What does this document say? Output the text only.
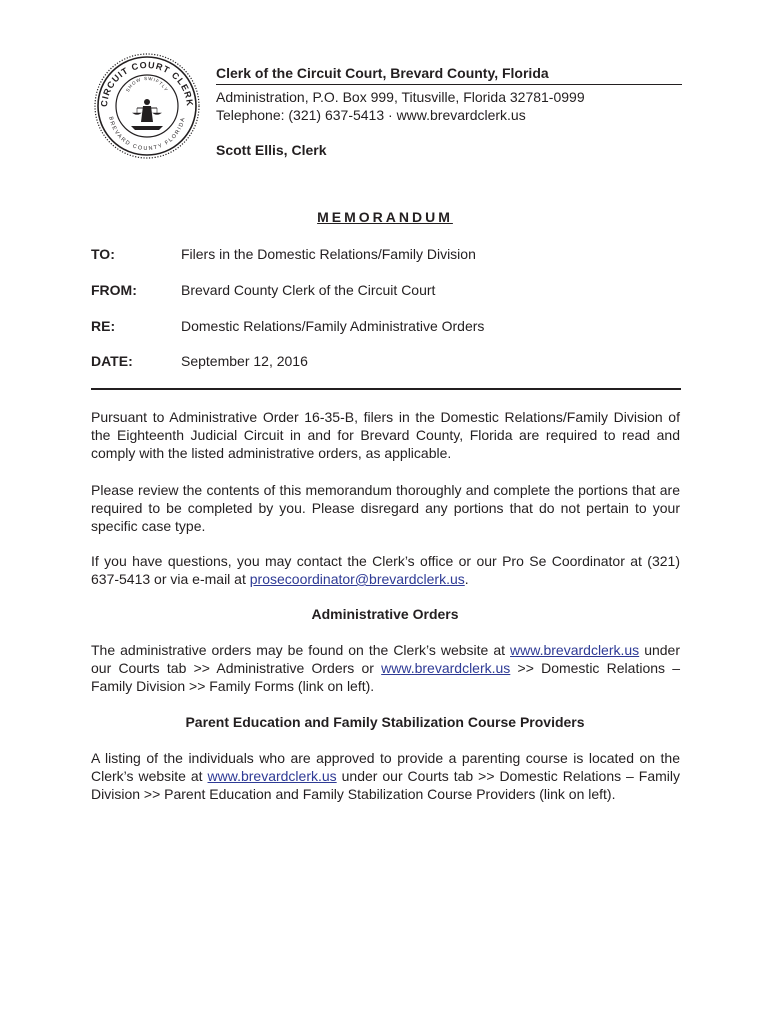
CIRCUIT COURT CLERK
BREVARD COUNTY FLORIDA
SHOW SWIFTLY
Clerk of the Circuit Court, Brevard County, Florida
Administration, P.O. Box 999, Titusville, Florida 32781-0999
Telephone: (321) 637-5413 · www.brevardclerk.us
Scott Ellis, Clerk
MEMORANDUM
TO:	Filers in the Domestic Relations/Family Division
FROM:	Brevard County Clerk of the Circuit Court
RE:	Domestic Relations/Family Administrative Orders
DATE:	September 12, 2016
Pursuant to Administrative Order 16-35-B, filers in the Domestic Relations/Family Division of the Eighteenth Judicial Circuit in and for Brevard County, Florida are required to read and comply with the listed administrative orders, as applicable.
Please review the contents of this memorandum thoroughly and complete the portions that are required to be completed by you. Please disregard any portions that do not pertain to your specific case type.
If you have questions, you may contact the Clerk’s office or our Pro Se Coordinator at (321) 637-5413 or via e-mail at prosecoordinator@brevardclerk.us.
Administrative Orders
The administrative orders may be found on the Clerk’s website at www.brevardclerk.us under our Courts tab >> Administrative Orders or www.brevardclerk.us >> Domestic Relations – Family Division >> Family Forms (link on left).
Parent Education and Family Stabilization Course Providers
A listing of the individuals who are approved to provide a parenting course is located on the Clerk’s website at www.brevardclerk.us under our Courts tab >> Domestic Relations – Family Division >> Parent Education and Family Stabilization Course Providers (link on left).
